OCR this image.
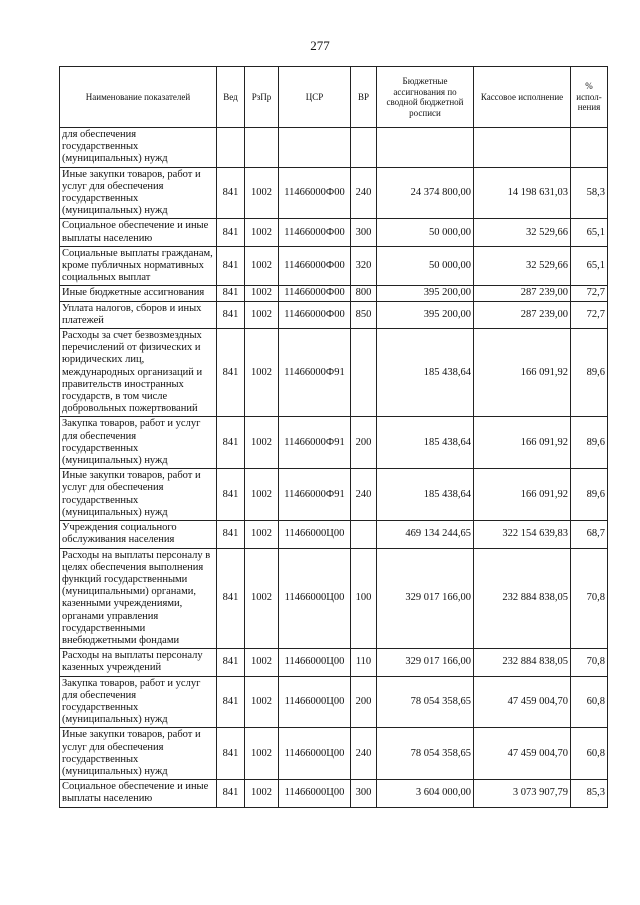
277
Наименование показателей	Вед	РзПр	ЦСР	ВР	Бюджетные ассигнования по сводной бюджетной росписи	Кассовое исполнение	% испол-нения
для обеспечения государственных (муниципальных) нужд							
Иные закупки товаров, работ и услуг для обеспечения государственных (муниципальных) нужд	841	1002	11466000Ф00	240	24 374 800,00	14 198 631,03	58,3
Социальное обеспечение и иные выплаты населению	841	1002	11466000Ф00	300	50 000,00	32 529,66	65,1
Социальные выплаты гражданам, кроме публичных нормативных социальных выплат	841	1002	11466000Ф00	320	50 000,00	32 529,66	65,1
Иные бюджетные ассигнования	841	1002	11466000Ф00	800	395 200,00	287 239,00	72,7
Уплата налогов, сборов и иных платежей	841	1002	11466000Ф00	850	395 200,00	287 239,00	72,7
Расходы за счет безвозмездных перечислений от физических и юридических лиц, международных организаций и правительств иностранных государств, в том числе добровольных пожертвований	841	1002	11466000Ф91		185 438,64	166 091,92	89,6
Закупка товаров, работ и услуг для обеспечения государственных (муниципальных) нужд	841	1002	11466000Ф91	200	185 438,64	166 091,92	89,6
Иные закупки товаров, работ и услуг для обеспечения государственных (муниципальных) нужд	841	1002	11466000Ф91	240	185 438,64	166 091,92	89,6
Учреждения социального обслуживания населения	841	1002	11466000Ц00		469 134 244,65	322 154 639,83	68,7
Расходы на выплаты персоналу в целях обеспечения выполнения функций государственными (муниципальными) органами, казенными учреждениями, органами управления государственными внебюджетными фондами	841	1002	11466000Ц00	100	329 017 166,00	232 884 838,05	70,8
Расходы на выплаты персоналу казенных учреждений	841	1002	11466000Ц00	110	329 017 166,00	232 884 838,05	70,8
Закупка товаров, работ и услуг для обеспечения государственных (муниципальных) нужд	841	1002	11466000Ц00	200	78 054 358,65	47 459 004,70	60,8
Иные закупки товаров, работ и услуг для обеспечения государственных (муниципальных) нужд	841	1002	11466000Ц00	240	78 054 358,65	47 459 004,70	60,8
Социальное обеспечение и иные выплаты населению	841	1002	11466000Ц00	300	3 604 000,00	3 073 907,79	85,3
